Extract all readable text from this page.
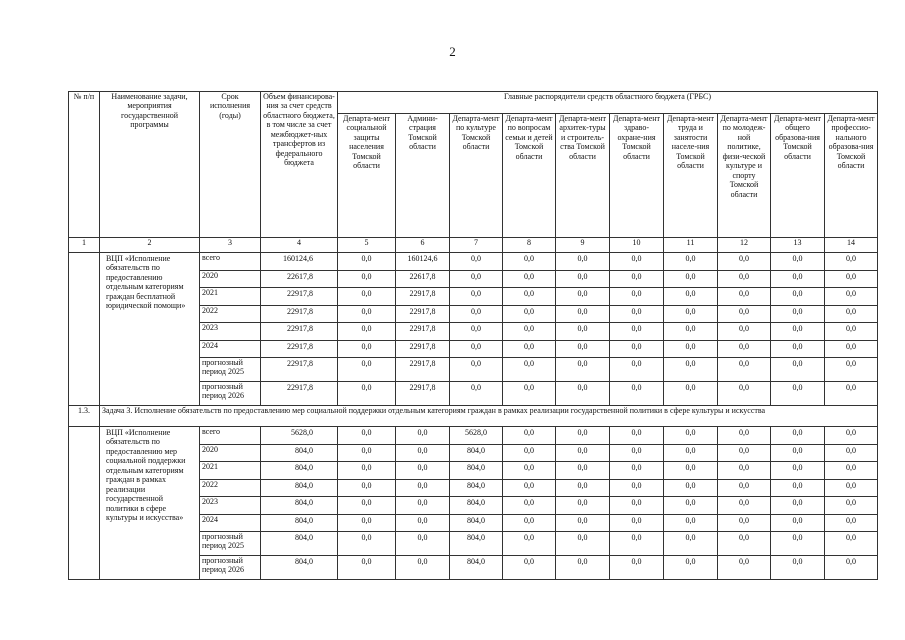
2
№ п/п	Наименование задачи, мероприятия государственной программы	Срок исполнения (годы)	Объем финансирова-ния за счет средств областного бюджета, в том числе за счет межбюджет-ных трансфертов из федерального бюджета	Главные распорядители средств областного бюджета (ГРБС)									
				Департа-мент социальной защиты населения Томской области	Админи-страция Томской области	Департа-мент по культуре Томской области	Департа-мент по вопросам семьи и детей Томской области	Департа-мент архитек-туры и строитель-ства Томской области	Департа-мент здраво-охране-ния Томской области	Департа-мент труда и занятости населе-ния Томской области	Департа-мент по молодеж-ной политике, физи-ческой культуре и спорту Томской области	Департа-мент общего образова-ния Томской области	Департа-мент профессио-нального образова-ния Томской области
1	2	3	4	5	6	7	8	9	10	11	12	13	14
	ВЦП «Исполнение обязательств по предоставлению отдельным категориям граждан бесплатной юридической помощи»	всего	160124,6	0,0	160124,6	0,0	0,0	0,0	0,0	0,0	0,0	0,0	0,0
		2020	22617,8	0,0	22617,8	0,0	0,0	0,0	0,0	0,0	0,0	0,0	0,0
		2021	22917,8	0,0	22917,8	0,0	0,0	0,0	0,0	0,0	0,0	0,0	0,0
		2022	22917,8	0,0	22917,8	0,0	0,0	0,0	0,0	0,0	0,0	0,0	0,0
		2023	22917,8	0,0	22917,8	0,0	0,0	0,0	0,0	0,0	0,0	0,0	0,0
		2024	22917,8	0,0	22917,8	0,0	0,0	0,0	0,0	0,0	0,0	0,0	0,0
		прогнозный период 2025	22917,8	0,0	22917,8	0,0	0,0	0,0	0,0	0,0	0,0	0,0	0,0
		прогнозный период 2026	22917,8	0,0	22917,8	0,0	0,0	0,0	0,0	0,0	0,0	0,0	0,0
1.3.	Задача 3. Исполнение обязательств по предоставлению мер социальной поддержки отдельным категориям граждан в рамках реализации государственной политики в сфере культуры и искусства												
	ВЦП «Исполнение обязательств по предоставлению мер социальной поддержки отдельным категориям граждан в рамках реализации государственной политики в сфере культуры и искусства»	всего	5628,0	0,0	0,0	5628,0	0,0	0,0	0,0	0,0	0,0	0,0	0,0
		2020	804,0	0,0	0,0	804,0	0,0	0,0	0,0	0,0	0,0	0,0	0,0
		2021	804,0	0,0	0,0	804,0	0,0	0,0	0,0	0,0	0,0	0,0	0,0
		2022	804,0	0,0	0,0	804,0	0,0	0,0	0,0	0,0	0,0	0,0	0,0
		2023	804,0	0,0	0,0	804,0	0,0	0,0	0,0	0,0	0,0	0,0	0,0
		2024	804,0	0,0	0,0	804,0	0,0	0,0	0,0	0,0	0,0	0,0	0,0
		прогнозный период 2025	804,0	0,0	0,0	804,0	0,0	0,0	0,0	0,0	0,0	0,0	0,0
		прогнозный период 2026	804,0	0,0	0,0	804,0	0,0	0,0	0,0	0,0	0,0	0,0	0,0
